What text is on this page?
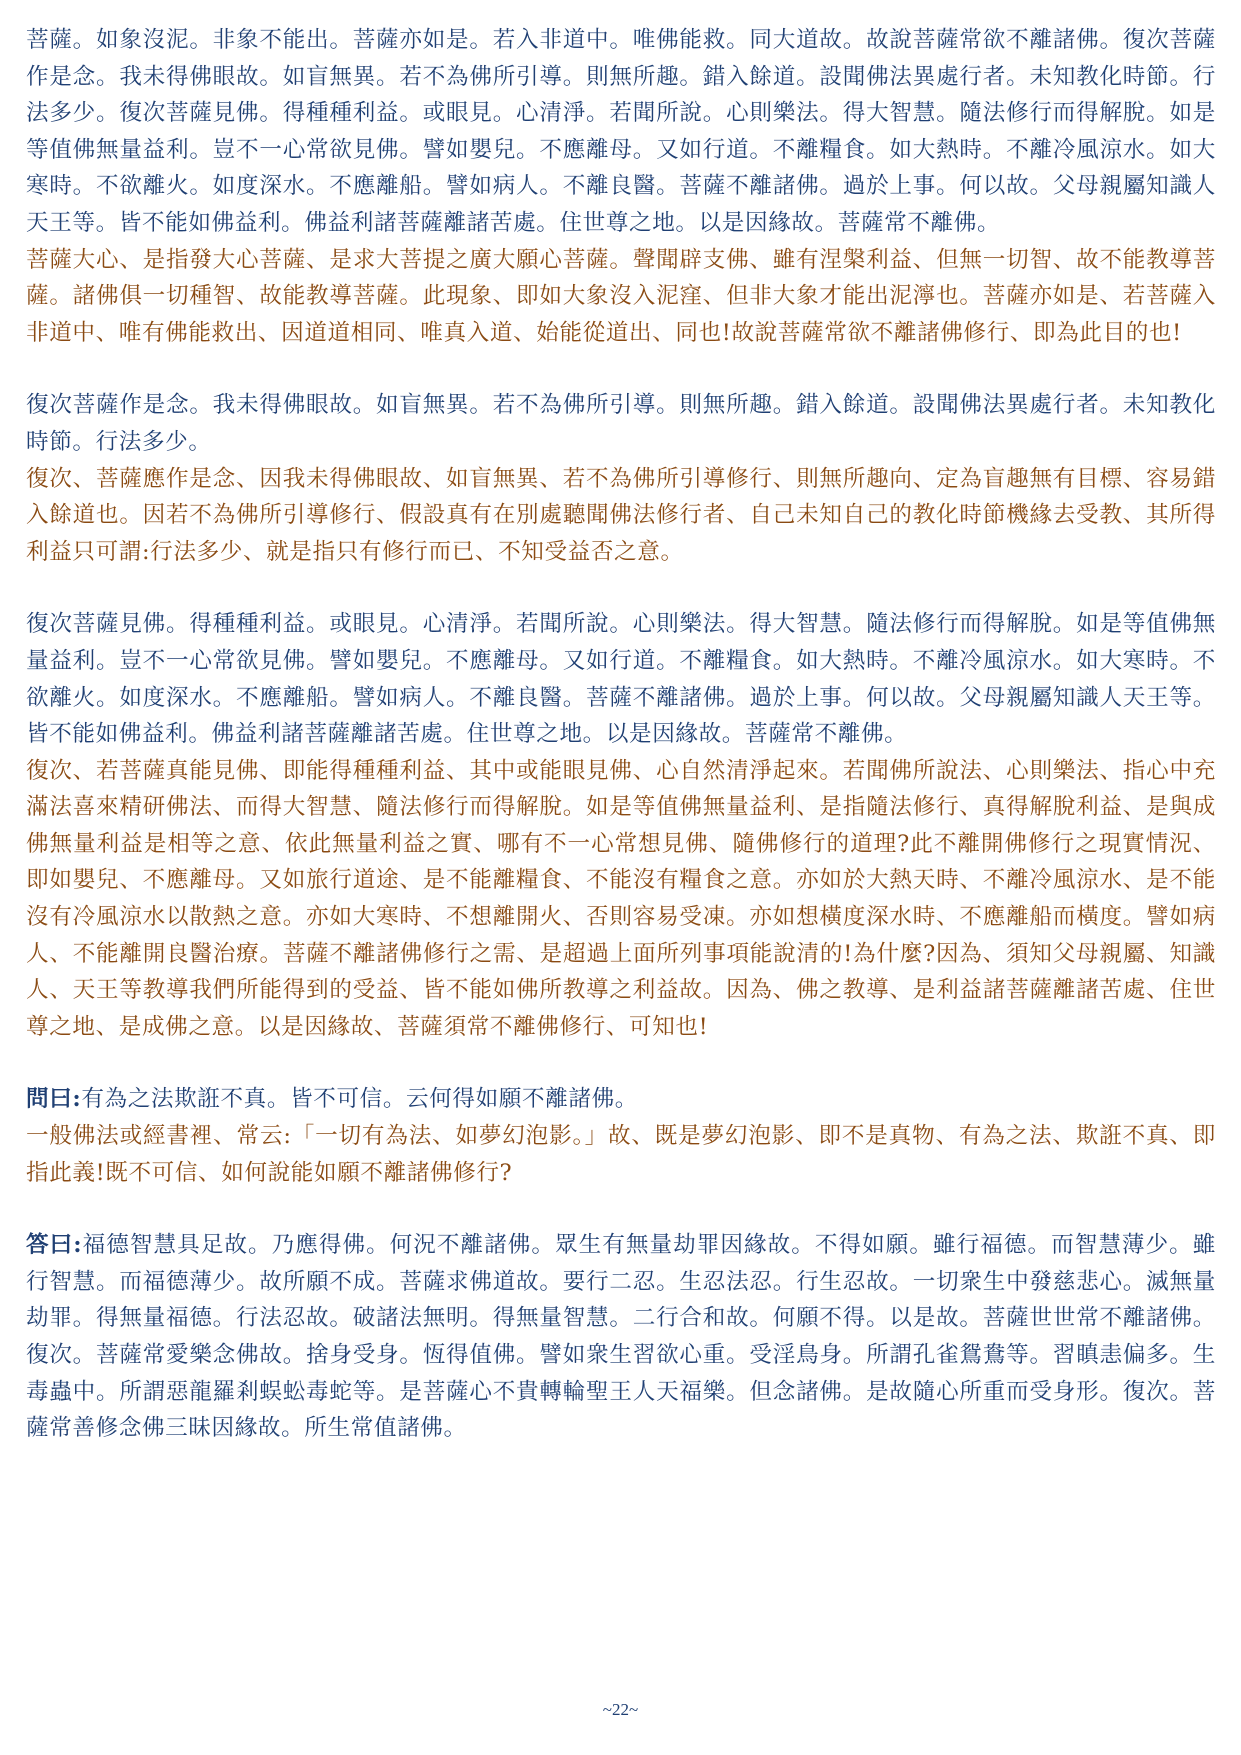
菩薩。如象沒泥。非象不能出。菩薩亦如是。若入非道中。唯佛能救。同大道故。故說菩薩常欲不離諸佛。復次菩薩作是念。我未得佛眼故。如盲無異。若不為佛所引導。則無所趣。錯入餘道。設聞佛法異處行者。未知教化時節。行法多少。復次菩薩見佛。得種種利益。或眼見。心清淨。若聞所說。心則樂法。得大智慧。隨法修行而得解脫。如是等值佛無量益利。豈不一心常欲見佛。譬如嬰兒。不應離母。又如行道。不離糧食。如大熱時。不離冷風涼水。如大寒時。不欲離火。如度深水。不應離船。譬如病人。不離良醫。菩薩不離諸佛。過於上事。何以故。父母親屬知識人天王等。皆不能如佛益利。佛益利諸菩薩離諸苦處。住世尊之地。以是因緣故。菩薩常不離佛。

菩薩大心、是指發大心菩薩、是求大菩提之廣大願心菩薩。聲聞辟支佛、雖有涅槃利益、但無一切智、故不能教導菩薩。諸佛俱一切種智、故能教導菩薩。此現象、即如大象沒入泥窪、但非大象才能出泥濘也。菩薩亦如是、若菩薩入非道中、唯有佛能救出、因道道相同、唯真入道、始能從道出、同也!故說菩薩常欲不離諸佛修行、即為此目的也!

復次菩薩作是念。我未得佛眼故。如盲無異。若不為佛所引導。則無所趣。錯入餘道。設聞佛法異處行者。未知教化時節。行法多少。

復次、菩薩應作是念、因我未得佛眼故、如盲無異、若不為佛所引導修行、則無所趣向、定為盲趣無有目標、容易錯入餘道也。因若不為佛所引導修行、假設真有在別處聽聞佛法修行者、自己未知自己的教化時節機緣去受教、其所得利益只可謂:行法多少、就是指只有修行而已、不知受益否之意。

復次菩薩見佛。得種種利益。或眼見。心清淨。若聞所說。心則樂法。得大智慧。隨法修行而得解脫。如是等值佛無量益利。豈不一心常欲見佛。譬如嬰兒。不應離母。又如行道。不離糧食。如大熱時。不離冷風涼水。如大寒時。不欲離火。如度深水。不應離船。譬如病人。不離良醫。菩薩不離諸佛。過於上事。何以故。父母親屬知識人天王等。皆不能如佛益利。佛益利諸菩薩離諸苦處。住世尊之地。以是因緣故。菩薩常不離佛。

復次、若菩薩真能見佛、即能得種種利益、其中或能眼見佛、心自然清淨起來。若聞佛所說法、心則樂法、指心中充滿法喜來精研佛法、而得大智慧、隨法修行而得解脫。如是等值佛無量益利、是指隨法修行、真得解脫利益、是與成佛無量利益是相等之意、依此無量利益之實、哪有不一心常想見佛、隨佛修行的道理?此不離開佛修行之現實情況、即如嬰兒、不應離母。又如旅行道途、是不能離糧食、不能沒有糧食之意。亦如於大熱天時、不離冷風涼水、是不能沒有冷風涼水以散熱之意。亦如大寒時、不想離開火、否則容易受凍。亦如想橫度深水時、不應離船而橫度。譬如病人、不能離開良醫治療。菩薩不離諸佛修行之需、是超過上面所列事項能說清的!為什麼?因為、須知父母親屬、知識人、天王等教導我們所能得到的受益、皆不能如佛所教導之利益故。因為、佛之教導、是利益諸菩薩離諸苦處、住世尊之地、是成佛之意。以是因緣故、菩薩須常不離佛修行、可知也!

問曰:有為之法欺誑不真。皆不可信。云何得如願不離諸佛。

一般佛法或經書裡、常云:「一切有為法、如夢幻泡影。」故、既是夢幻泡影、即不是真物、有為之法、欺誑不真、即指此義!既不可信、如何說能如願不離諸佛修行?

答曰:福德智慧具足故。乃應得佛。何況不離諸佛。眾生有無量劫罪因緣故。不得如願。雖行福德。而智慧薄少。雖行智慧。而福德薄少。故所願不成。菩薩求佛道故。要行二忍。生忍法忍。行生忍故。一切衆生中發慈悲心。滅無量劫罪。得無量福德。行法忍故。破諸法無明。得無量智慧。二行合和故。何願不得。以是故。菩薩世世常不離諸佛。復次。菩薩常愛樂念佛故。捨身受身。恆得值佛。譬如衆生習欲心重。受淫鳥身。所謂孔雀鴛鴦等。習瞋恚偏多。生毒蟲中。所謂惡龍羅剎蜈蚣毒蛇等。是菩薩心不貴轉輪聖王人天福樂。但念諸佛。是故隨心所重而受身形。復次。菩薩常善修念佛三昧因緣故。所生常值諸佛。

~22~
